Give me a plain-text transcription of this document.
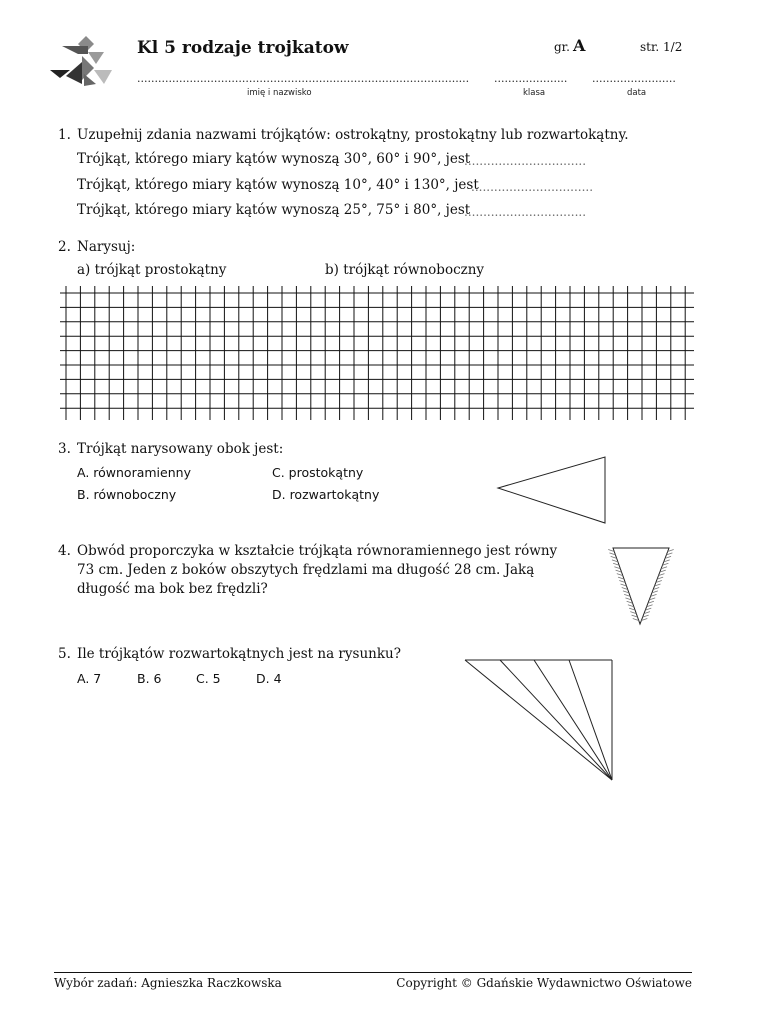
Kl 5 rodzaje trojkatow	gr. A	str. 1/2
............................................................................................... .....................	........................
imię i nazwisko	klasa	data
1. Uzupełnij zdania nazwami trójkątów: ostrokątny, prostokątny lub rozwartokątny.
Trójkąt, którego miary kątów wynoszą 30°, 60° i 90°, jest
................................
Trójkąt, którego miary kątów wynoszą 10°, 40° i 130°, jest
................................
Trójkąt, którego miary kątów wynoszą 25°, 75° i 80°, jest
................................
2. Narysuj:
a) trójkąt prostokątny	b) trójkąt równoboczny
3. Trójkąt narysowany obok jest:
A. równoramienny
B. równoboczny
C. prostokątny
D. rozwartokątny
4. Obwód proporczyka w kształcie trójkąta równoramiennego jest równy
73 cm. Jeden z boków obszytych frędzlami ma długość 28 cm. Jaką
długość ma bok bez frędzli?
5. Ile trójkątów rozwartokątnych jest na rysunku?
A. 7	B. 6	C. 5	D. 4
Wybór zadań: Agnieszka Raczkowska	Copyright © Gdańskie Wydawnictwo Oświatowe
